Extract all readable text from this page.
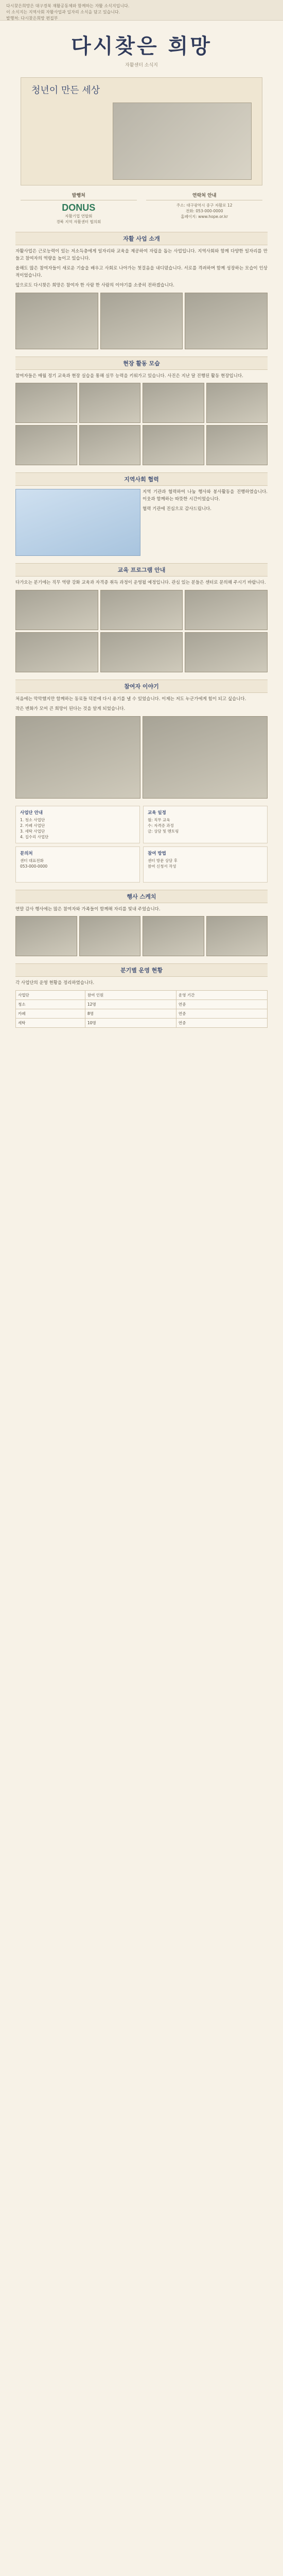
다시찾은희망은 대구경북 재활공동체와 함께하는 자활 소식지입니다.
이 소식지는 지역사회 자활사업과 일자리 소식을 담고 있습니다.
발행처: 다시찾은희망 편집부
다시찾은 희망
자활센터 소식지
청년이 만든 세상
발행처
DONUS
자활기업 연합회
경북 지역 자활센터 협의회
연락처 안내
주소: 대구광역시 중구 자활로 12
전화: 053-000-0000
홈페이지: www.hope.or.kr
자활 사업 소개

자활사업은 근로능력이 있는 저소득층에게 일자리와 교육을 제공하여 자립을 돕는 사업입니다. 지역사회와 함께 다양한 일자리를 만들고 참여자의 역량을 높이고 있습니다.

올해도 많은 참여자들이 새로운 기술을 배우고 사회로 나아가는 첫걸음을 내디뎠습니다. 서로를 격려하며 함께 성장하는 모습이 인상적이었습니다.

앞으로도 다시찾은 희망은 참여자 한 사람 한 사람의 이야기를 소중히 전하겠습니다.

현장 활동 모습

참여자들은 매월 정기 교육과 현장 실습을 통해 실무 능력을 키워가고 있습니다. 사진은 지난 달 진행된 활동 현장입니다.

지역사회 협력

지역 기관과 협력하여 나눔 행사와 봉사활동을 진행하였습니다. 이웃과 함께하는 따뜻한 시간이었습니다.

협력 기관에 진심으로 감사드립니다.

교육 프로그램 안내

다가오는 분기에는 직무 역량 강화 교육과 자격증 취득 과정이 운영될 예정입니다. 관심 있는 분들은 센터로 문의해 주시기 바랍니다.

참여자 이야기

처음에는 막막했지만 함께하는 동료들 덕분에 다시 용기를 낼 수 있었습니다. 이제는 저도 누군가에게 힘이 되고 싶습니다.

작은 변화가 모여 큰 희망이 된다는 것을 알게 되었습니다.

사업단 안내
1. 청소 사업단
2. 카페 사업단
3. 세탁 사업단
4. 집수리 사업단
교육 일정
월: 직무 교육
수: 자격증 과정
금: 상담 및 멘토링
문의처
센터 대표전화
053-000-0000
참여 방법
센터 방문 상담 후
참여 신청서 작성
행사 스케치

연말 감사 행사에는 많은 참여자와 가족들이 함께해 자리를 빛내 주었습니다.

분기별 운영 현황

각 사업단의 운영 현황을 정리하였습니다.

사업단	참여 인원	운영 기간
청소	12명	연중
카페	8명	연중
세탁	10명	연중
